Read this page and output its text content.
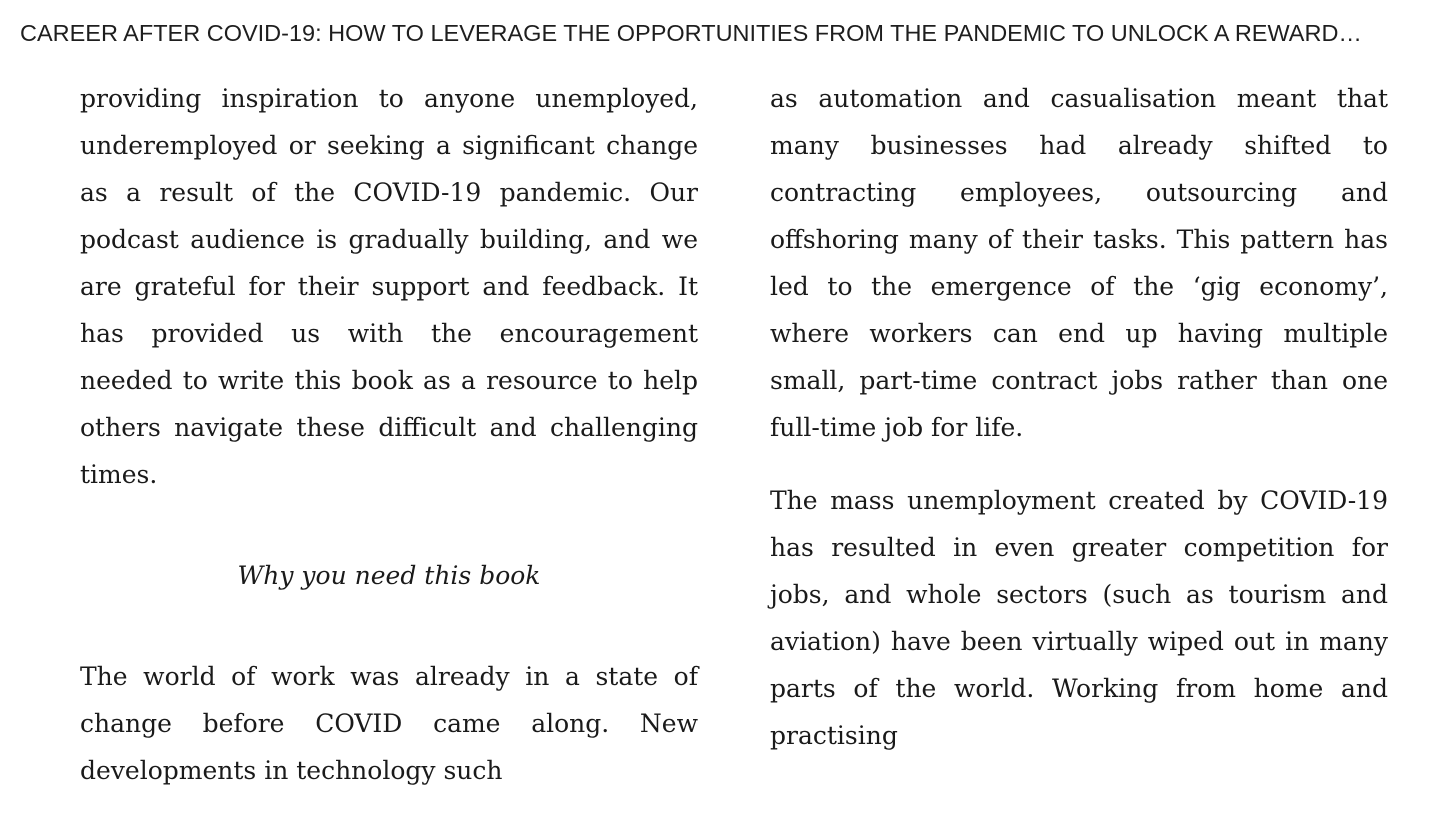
CAREER AFTER COVID-19: HOW TO LEVERAGE THE OPPORTUNITIES FROM THE PANDEMIC TO UNLOCK A REWARD…

providing inspiration to anyone unemployed, underemployed or seeking a significant change as a result of the COVID-19 pandemic. Our podcast audience is gradually building, and we are grateful for their support and feedback. It has provided us with the encouragement needed to write this book as a resource to help others navigate these difficult and challenging times.

Why you need this book

The world of work was already in a state of change before COVID came along. New developments in technology such

as automation and casualisation meant that many businesses had already shifted to contracting employees, outsourcing and offshoring many of their tasks. This pattern has led to the emergence of the ‘gig economy’, where workers can end up having multiple small, part-time contract jobs rather than one full-time job for life.

The mass unemployment created by COVID-19 has resulted in even greater competition for jobs, and whole sectors (such as tourism and aviation) have been virtually wiped out in many parts of the world. Working from home and practising
